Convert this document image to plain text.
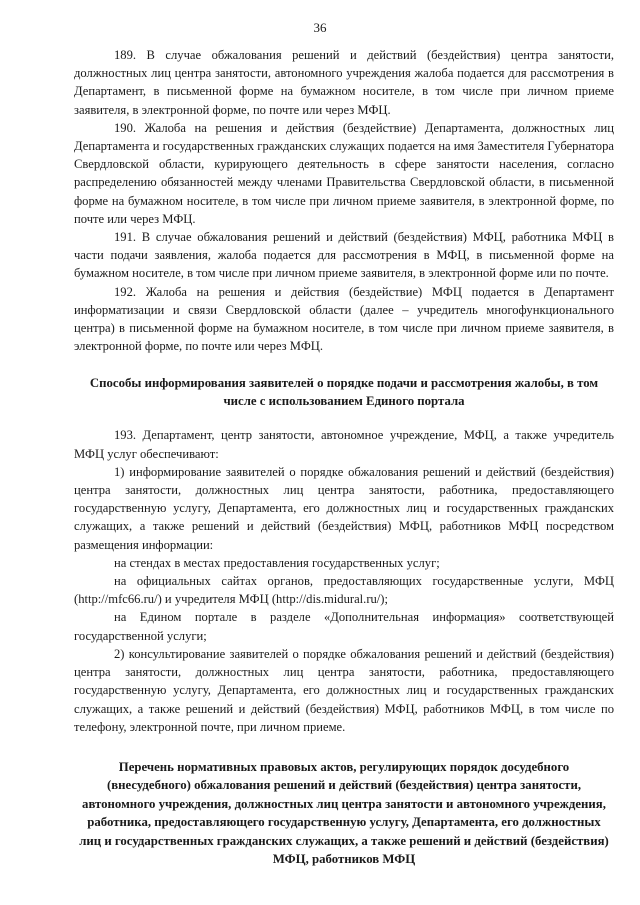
36

189. В случае обжалования решений и действий (бездействия) центра занятости, должностных лиц центра занятости, автономного учреждения жалоба подается для рассмотрения в Департамент, в письменной форме на бумажном носителе, в том числе при личном приеме заявителя, в электронной форме, по почте или через МФЦ.

190. Жалоба на решения и действия (бездействие) Департамента, должностных лиц Департамента и государственных гражданских служащих подается на имя Заместителя Губернатора Свердловской области, курирующего деятельность в сфере занятости населения, согласно распределению обязанностей между членами Правительства Свердловской области, в письменной форме на бумажном носителе, в том числе при личном приеме заявителя, в электронной форме, по почте или через МФЦ.

191. В случае обжалования решений и действий (бездействия) МФЦ, работника МФЦ в части подачи заявления, жалоба подается для рассмотрения в МФЦ, в письменной форме на бумажном носителе, в том числе при личном приеме заявителя, в электронной форме или по почте.

192. Жалоба на решения и действия (бездействие) МФЦ подается в Департамент информатизации и связи Свердловской области (далее – учредитель многофункционального центра) в письменной форме на бумажном носителе, в том числе при личном приеме заявителя, в электронной форме, по почте или через МФЦ.

Способы информирования заявителей о порядке подачи и рассмотрения жалобы, в том числе с использованием Единого портала

193. Департамент, центр занятости, автономное учреждение, МФЦ, а также учредитель МФЦ услуг обеспечивают:

1) информирование заявителей о порядке обжалования решений и действий (бездействия) центра занятости, должностных лиц центра занятости, работника, предоставляющего государственную услугу, Департамента, его должностных лиц и государственных гражданских служащих, а также решений и действий (бездействия) МФЦ, работников МФЦ посредством размещения информации:

на стендах в местах предоставления государственных услуг;

на официальных сайтах органов, предоставляющих государственные услуги, МФЦ (http://mfc66.ru/) и учредителя МФЦ (http://dis.midural.ru/);

на Едином портале в разделе «Дополнительная информация» соответствующей государственной услуги;

2) консультирование заявителей о порядке обжалования решений и действий (бездействия) центра занятости, должностных лиц центра занятости, работника, предоставляющего государственную услугу, Департамента, его должностных лиц и государственных гражданских служащих, а также решений и действий (бездействия) МФЦ, работников МФЦ, в том числе по телефону, электронной почте, при личном приеме.

Перечень нормативных правовых актов, регулирующих порядок досудебного (внесудебного) обжалования решений и действий (бездействия) центра занятости, автономного учреждения, должностных лиц центра занятости и автономного учреждения, работника, предоставляющего государственную услугу, Департамента, его должностных лиц и государственных гражданских служащих, а также решений и действий (бездействия) МФЦ, работников МФЦ
